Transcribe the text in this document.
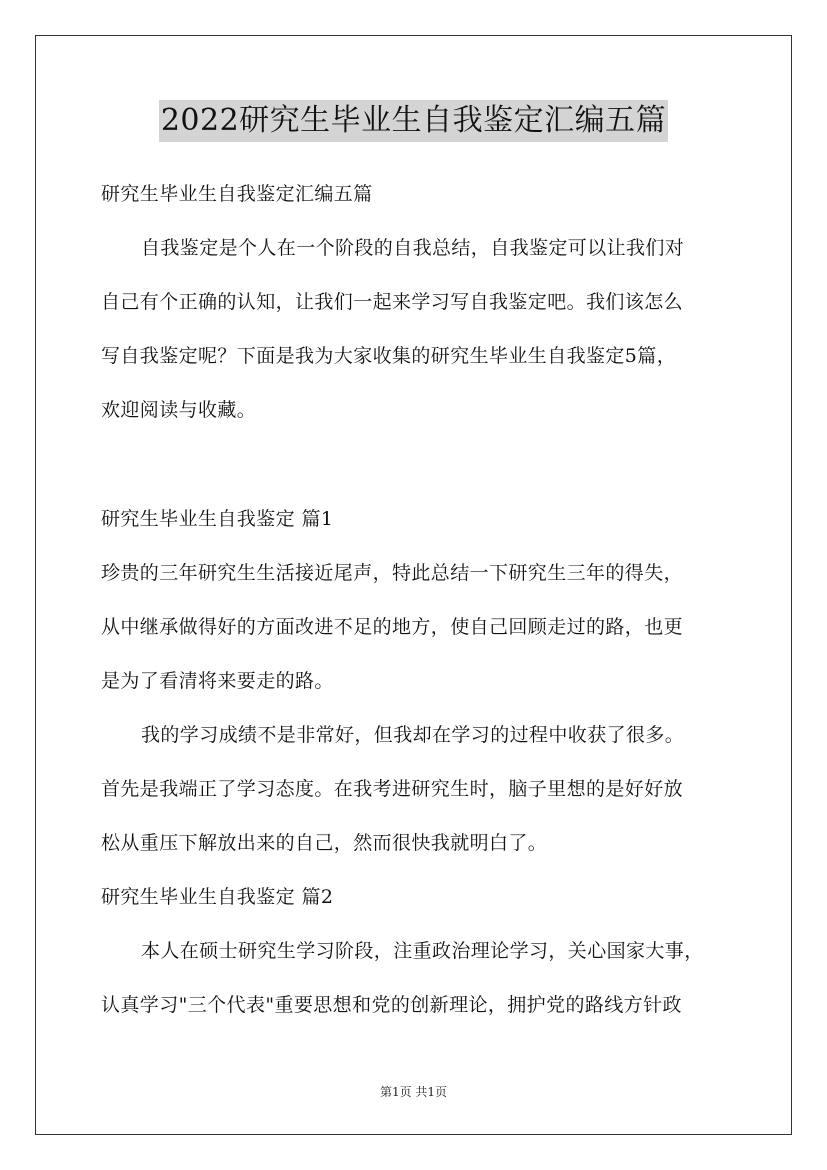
2022研究生毕业生自我鉴定汇编五篇
研究生毕业生自我鉴定汇编五篇
自我鉴定是个人在一个阶段的自我总结，自我鉴定可以让我们对
自己有个正确的认知，让我们一起来学习写自我鉴定吧。我们该怎么
写自我鉴定呢？下面是我为大家收集的研究生毕业生自我鉴定5篇，
欢迎阅读与收藏。
研究生毕业生自我鉴定 篇1
珍贵的三年研究生生活接近尾声，特此总结一下研究生三年的得失，
从中继承做得好的方面改进不足的地方，使自己回顾走过的路，也更
是为了看清将来要走的路。
我的学习成绩不是非常好，但我却在学习的过程中收获了很多。
首先是我端正了学习态度。在我考进研究生时，脑子里想的是好好放
松从重压下解放出来的自己，然而很快我就明白了。
研究生毕业生自我鉴定 篇2
本人在硕士研究生学习阶段，注重政治理论学习，关心国家大事，
认真学习"三个代表"重要思想和党的创新理论，拥护党的路线方针政
第1页 共1页
